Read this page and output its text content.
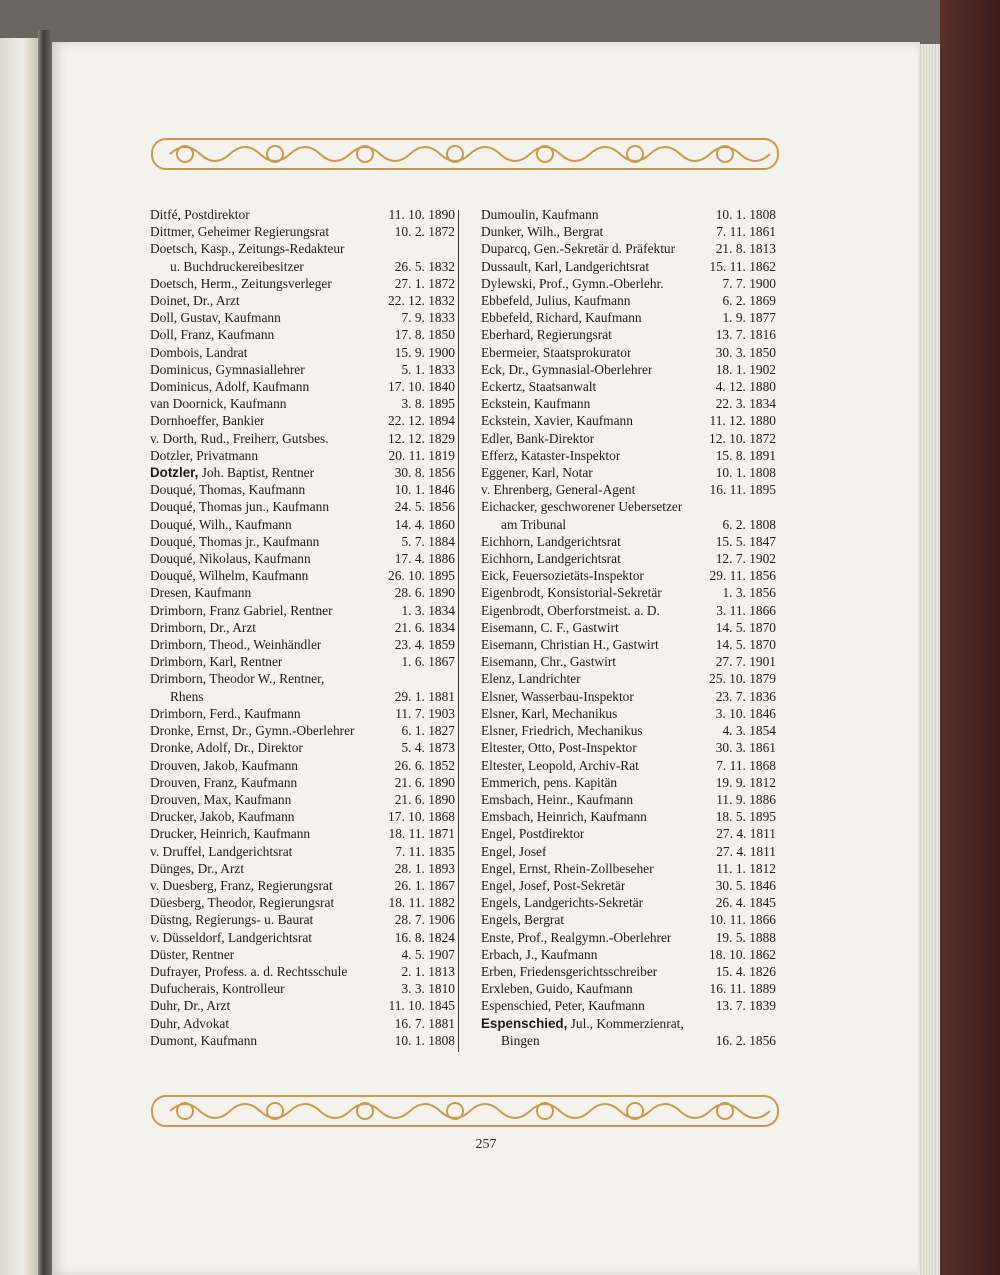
257
Ditfé, Postdirektor	11. 10. 1890
Dittmer, Geheimer Regierungsrat	10. 2. 1872
Doetsch, Kasp., Zeitungs-Redakteur
u. Buchdruckereibesitzer	26. 5. 1832
Doetsch, Herm., Zeitungsverleger	27. 1. 1872
Doinet, Dr., Arzt	22. 12. 1832
Doll, Gustav, Kaufmann	7. 9. 1833
Doll, Franz, Kaufmann	17. 8. 1850
Dombois, Landrat	15. 9. 1900
Dominicus, Gymnasiallehrer	5. 1. 1833
Dominicus, Adolf, Kaufmann	17. 10. 1840
van Doornick, Kaufmann	3. 8. 1895
Dornhoeffer, Bankier	22. 12. 1894
v. Dorth, Rud., Freiherr, Gutsbes.	12. 12. 1829
Dotzler, Privatmann	20. 11. 1819
Dotzler, Joh. Baptist, Rentner	30. 8. 1856
Douqué, Thomas, Kaufmann	10. 1. 1846
Douqué, Thomas jun., Kaufmann	24. 5. 1856
Douqué, Wilh., Kaufmann	14. 4. 1860
Douqué, Thomas jr., Kaufmann	5. 7. 1884
Douqué, Nikolaus, Kaufmann	17. 4. 1886
Douqué, Wilhelm, Kaufmann	26. 10. 1895
Dresen, Kaufmann	28. 6. 1890
Drimborn, Franz Gabriel, Rentner	1. 3. 1834
Drimborn, Dr., Arzt	21. 6. 1834
Drimborn, Theod., Weinhändler	23. 4. 1859
Drimborn, Karl, Rentner	1. 6. 1867
Drimborn, Theodor W., Rentner,
Rhens	29. 1. 1881
Drimborn, Ferd., Kaufmann	11. 7. 1903
Dronke, Ernst, Dr., Gymn.-Oberlehrer	6. 1. 1827
Dronke, Adolf, Dr., Direktor	5. 4. 1873
Drouven, Jakob, Kaufmann	26. 6. 1852
Drouven, Franz, Kaufmann	21. 6. 1890
Drouven, Max, Kaufmann	21. 6. 1890
Drucker, Jakob, Kaufmann	17. 10. 1868
Drucker, Heinrich, Kaufmann	18. 11. 1871
v. Druffel, Landgerichtsrat	7. 11. 1835
Dünges, Dr., Arzt	28. 1. 1893
v. Duesberg, Franz, Regierungsrat	26. 1. 1867
Düesberg, Theodor, Regierungsrat	18. 11. 1882
Düstng, Regierungs- u. Baurat	28. 7. 1906
v. Düsseldorf, Landgerichtsrat	16. 8. 1824
Düster, Rentner	4. 5. 1907
Dufrayer, Profess. a. d. Rechtsschule	2. 1. 1813
Dufucherais, Kontrolleur	3. 3. 1810
Duhr, Dr., Arzt	11. 10. 1845
Duhr, Advokat	16. 7. 1881
Dumont, Kaufmann	10. 1. 1808
Dumoulin, Kaufmann	10. 1. 1808
Dunker, Wilh., Bergrat	7. 11. 1861
Duparcq, Gen.-Sekretär d. Präfektur	21. 8. 1813
Dussault, Karl, Landgerichtsrat	15. 11. 1862
Dylewski, Prof., Gymn.-Oberlehr.	7. 7. 1900
Ebbefeld, Julius, Kaufmann	6. 2. 1869
Ebbefeld, Richard, Kaufmann	1. 9. 1877
Eberhard, Regierungsrat	13. 7. 1816
Ebermeier, Staatsprokurator	30. 3. 1850
Eck, Dr., Gymnasial-Oberlehrer	18. 1. 1902
Eckertz, Staatsanwalt	4. 12. 1880
Eckstein, Kaufmann	22. 3. 1834
Eckstein, Xavier, Kaufmann	11. 12. 1880
Edler, Bank-Direktor	12. 10. 1872
Efferz, Kataster-Inspektor	15. 8. 1891
Eggener, Karl, Notar	10. 1. 1808
v. Ehrenberg, General-Agent	16. 11. 1895
Eichacker, geschworener Uebersetzer
am Tribunal	6. 2. 1808
Eichhorn, Landgerichtsrat	15. 5. 1847
Eichhorn, Landgerichtsrat	12. 7. 1902
Eick, Feuersozietäts-Inspektor	29. 11. 1856
Eigenbrodt, Konsistorial-Sekretär	1. 3. 1856
Eigenbrodt, Oberforstmeist. a. D.	3. 11. 1866
Eisemann, C. F., Gastwirt	14. 5. 1870
Eisemann, Christian H., Gastwirt	14. 5. 1870
Eisemann, Chr., Gastwirt	27. 7. 1901
Elenz, Landrichter	25. 10. 1879
Elsner, Wasserbau-Inspektor	23. 7. 1836
Elsner, Karl, Mechanikus	3. 10. 1846
Elsner, Friedrich, Mechanikus	4. 3. 1854
Eltester, Otto, Post-Inspektor	30. 3. 1861
Eltester, Leopold, Archiv-Rat	7. 11. 1868
Emmerich, pens. Kapitän	19. 9. 1812
Emsbach, Heinr., Kaufmann	11. 9. 1886
Emsbach, Heinrich, Kaufmann	18. 5. 1895
Engel, Postdirektor	27. 4. 1811
Engel, Josef	27. 4. 1811
Engel, Ernst, Rhein-Zollbeseher	11. 1. 1812
Engel, Josef, Post-Sekretär	30. 5. 1846
Engels, Landgerichts-Sekretär	26. 4. 1845
Engels, Bergrat	10. 11. 1866
Enste, Prof., Realgymn.-Oberlehrer	19. 5. 1888
Erbach, J., Kaufmann	18. 10. 1862
Erben, Friedensgerichtsschreiber	15. 4. 1826
Erxleben, Guido, Kaufmann	16. 11. 1889
Espenschied, Peter, Kaufmann	13. 7. 1839
Espenschied, Jul., Kommerzienrat,
Bingen	16. 2. 1856
